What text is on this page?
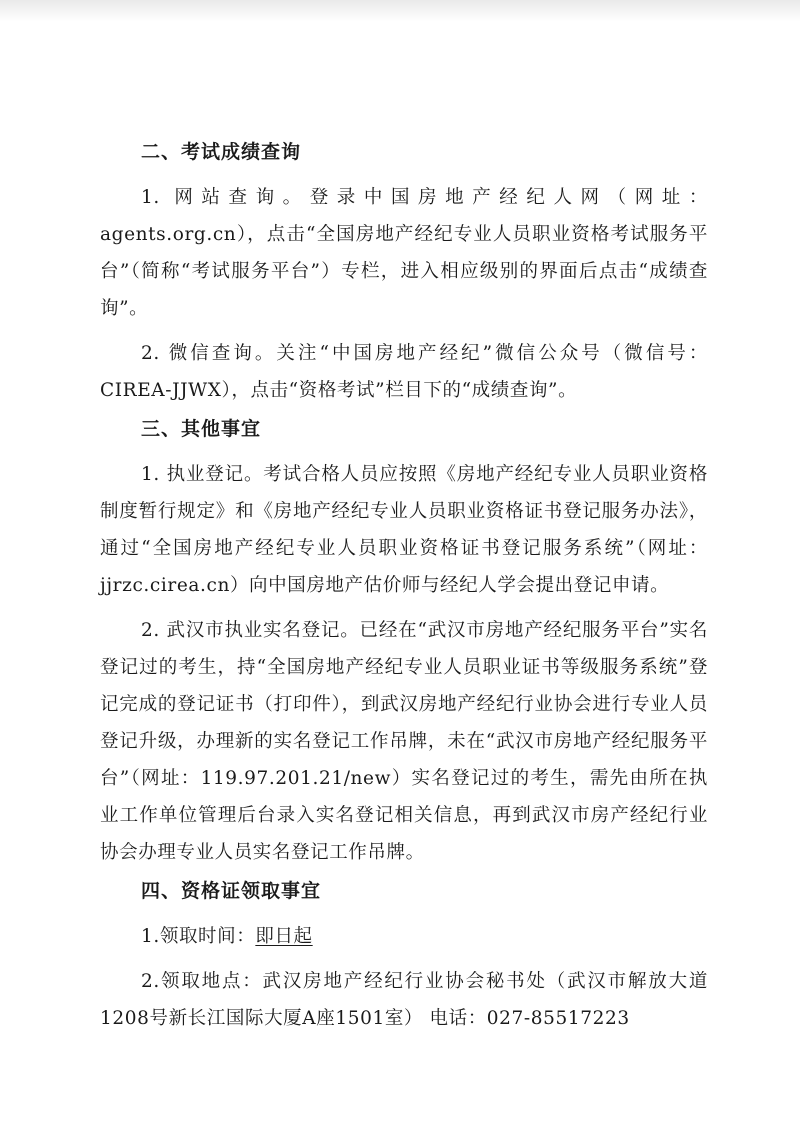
二、考试成绩查询

1. 网站查询。登录中国房地产经纪人网（网址：agents.org.cn），点击“全国房地产经纪专业人员职业资格考试服务平台”（简称“考试服务平台”）专栏，进入相应级别的界面后点击“成绩查询”。

2. 微信查询。关注“中国房地产经纪”微信公众号（微信号：CIREA-JJWX），点击“资格考试”栏目下的“成绩查询”。

三、其他事宜

1. 执业登记。考试合格人员应按照《房地产经纪专业人员职业资格制度暂行规定》和《房地产经纪专业人员职业资格证书登记服务办法》，通过“全国房地产经纪专业人员职业资格证书登记服务系统”（网址：jjrzc.cirea.cn）向中国房地产估价师与经纪人学会提出登记申请。

2. 武汉市执业实名登记。已经在“武汉市房地产经纪服务平台”实名登记过的考生，持“全国房地产经纪专业人员职业证书等级服务系统”登记完成的登记证书（打印件），到武汉房地产经纪行业协会进行专业人员登记升级，办理新的实名登记工作吊牌，未在“武汉市房地产经纪服务平台”（网址：119.97.201.21/new）实名登记过的考生，需先由所在执业工作单位管理后台录入实名登记相关信息，再到武汉市房产经纪行业协会办理专业人员实名登记工作吊牌。

四、资格证领取事宜

1.领取时间：即日起

2.领取地点：武汉房地产经纪行业协会秘书处（武汉市解放大道1208号新长江国际大厦A座1501室） 电话：027-85517223
